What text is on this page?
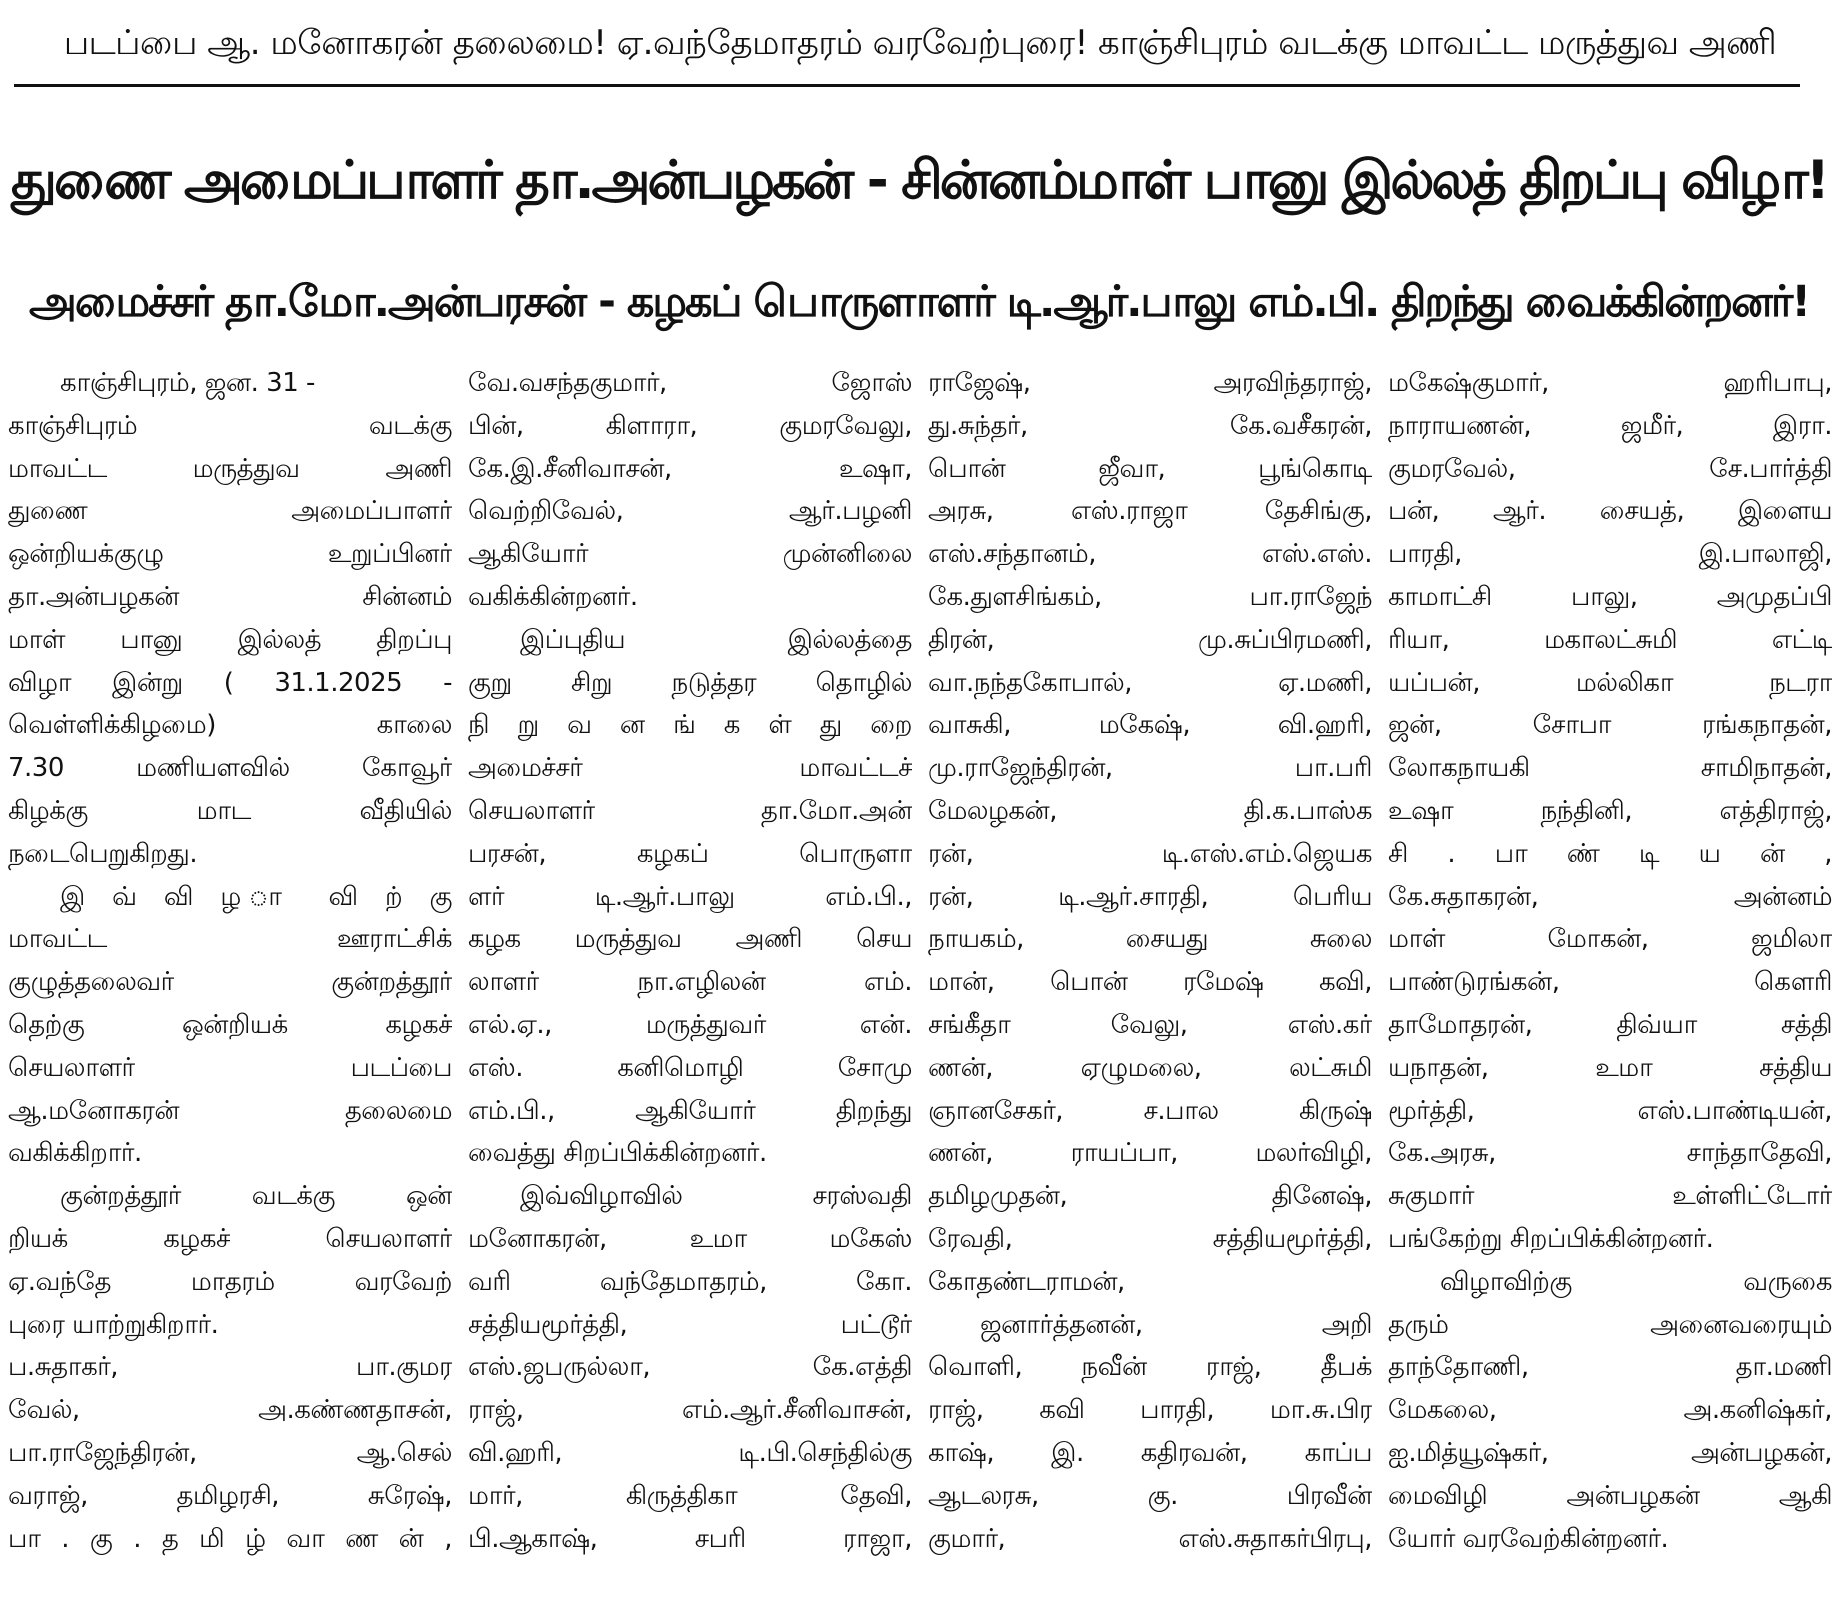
படப்பை ஆ. மனோகரன் தலைமை! ஏ.வந்தேமாதரம் வரவேற்புரை! காஞ்சிபுரம் வடக்கு மாவட்ட மருத்துவ அணி
துணை அமைப்பாளர் தா.அன்பழகன் - சின்னம்மாள் பானு இல்லத் திறப்பு விழா!
அமைச்சர் தா.மோ.அன்பரசன் - கழகப் பொருளாளர் டி.ஆர்.பாலு எம்.பி. திறந்து வைக்கின்றனர்!
காஞ்சிபுரம், ஜன. 31 -
காஞ்சிபுரம் வடக்கு
மாவட்ட மருத்துவ அணி
துணை அமைப்பாளர்
ஒன்றியக்குழு உறுப்பினர்
தா.அன்பழகன் சின்னம்
மாள் பானு இல்லத் திறப்பு
விழா இன்று ( 31.1.2025 -
வெள்ளிக்கிழமை) காலை
7.30 மணியளவில் கோவூர்
கிழக்கு மாட வீதியில்
நடைபெறுகிறது.
இ வ் வி ழ ா வி ற் கு
மாவட்ட ஊராட்சிக்
குழுத்தலைவர் குன்றத்தூர்
தெற்கு ஒன்றியக் கழகச்
செயலாளர் படப்பை
ஆ.மனோகரன் தலைமை
வகிக்கிறார்.
குன்றத்தூர் வடக்கு ஒன்
றியக் கழகச் செயலாளர்
ஏ.வந்தே மாதரம் வரவேற்
புரை யாற்றுகிறார்.
ப.சுதாகர், பா.குமர
வேல், அ.கண்ணதாசன்,
பா.ராஜேந்திரன், ஆ.செல்
வராஜ், தமிழரசி, சுரேஷ்,
பா . கு . த மி ழ் வா ண ன் ,
வே.வசந்தகுமார், ஜோஸ்
பின், கிளாரா, குமரவேலு,
கே.இ.சீனிவாசன், உஷா,
வெற்றிவேல், ஆர்.பழனி
ஆகியோர் முன்னிலை
வகிக்கின்றனர்.
இப்புதிய இல்லத்தை
குறு சிறு நடுத்தர தொழில்
நி று வ ன ங் க ள் து றை
அமைச்சர் மாவட்டச்
செயலாளர் தா.மோ.அன்
பரசன், கழகப் பொருளா
ளர் டி.ஆர்.பாலு எம்.பி.,
கழக மருத்துவ அணி செய
லாளர் நா.எழிலன் எம்.
எல்.ஏ., மருத்துவர் என்.
எஸ். கனிமொழி சோமு
எம்.பி., ஆகியோர் திறந்து
வைத்து சிறப்பிக்கின்றனர்.
இவ்விழாவில் சரஸ்வதி
மனோகரன், உமா மகேஸ்
வரி வந்தேமாதரம், கோ.
சத்தியமூர்த்தி, பட்டூர்
எஸ்.ஜபருல்லா, கே.எத்தி
ராஜ், எம்.ஆர்.சீனிவாசன்,
வி.ஹரி, டி.பி.செந்தில்கு
மார், கிருத்திகா தேவி,
பி.ஆகாஷ், சபரி ராஜா,
ராஜேஷ், அரவிந்தராஜ்,
து.சுந்தர், கே.வசீகரன்,
பொன் ஜீவா, பூங்கொடி
அரசு, எஸ்.ராஜா தேசிங்கு,
எஸ்.சந்தானம், எஸ்.எஸ்.
கே.துளசிங்கம், பா.ராஜேந்
திரன், மு.சுப்பிரமணி,
வா.நந்தகோபால், ஏ.மணி,
வாசுகி, மகேஷ், வி.ஹரி,
மு.ராஜேந்திரன், பா.பரி
மேலழகன், தி.க.பாஸ்க
ரன், டி.எஸ்.எம்.ஜெயக
ரன், டி.ஆர்.சாரதி, பெரிய
நாயகம், சையது சுலை
மான், பொன் ரமேஷ் கவி,
சங்கீதா வேலு, எஸ்.கர்
ணன், ஏழுமலை, லட்சுமி
ஞானசேகர், ச.பால கிருஷ்
ணன், ராயப்பா, மலர்விழி,
தமிழமுதன், தினேஷ்,
ரேவதி, சத்தியமூர்த்தி,
கோதண்டராமன்,
ஜனார்த்தனன், அறி
வொளி, நவீன் ராஜ், தீபக்
ராஜ், கவி பாரதி, மா.சு.பிர
காஷ், இ. கதிரவன், காப்ப
ஆடலரசு, கு. பிரவீன்
குமார், எஸ்.சுதாகர்பிரபு,
மகேஷ்குமார், ஹரிபாபு,
நாராயணன், ஜமீர், இரா.
குமரவேல், சே.பார்த்தி
பன், ஆர். சையத், இளைய
பாரதி, இ.பாலாஜி,
காமாட்சி பாலு, அமுதப்பி
ரியா, மகாலட்சுமி எட்டி
யப்பன், மல்லிகா நடரா
ஜன், சோபா ரங்கநாதன்,
லோகநாயகி சாமிநாதன்,
உஷா நந்தினி, எத்திராஜ்,
சி . பா ண் டி ய ன் ,
கே.சுதாகரன், அன்னம்
மாள் மோகன், ஜமிலா
பாண்டுரங்கன், கௌரி
தாமோதரன், திவ்யா சத்தி
யநாதன், உமா சத்திய
மூர்த்தி, எஸ்.பாண்டியன்,
கே.அரசு, சாந்தாதேவி,
சுகுமார் உள்ளிட்டோர்
பங்கேற்று சிறப்பிக்கின்றனர்.
விழாவிற்கு வருகை
தரும் அனைவரையும்
தாந்தோணி, தா.மணி
மேகலை, அ.கனிஷ்கர்,
ஐ.மித்யூஷ்கர், அன்பழகன்,
மைவிழி அன்பழகன் ஆகி
யோர் வரவேற்கின்றனர்.
